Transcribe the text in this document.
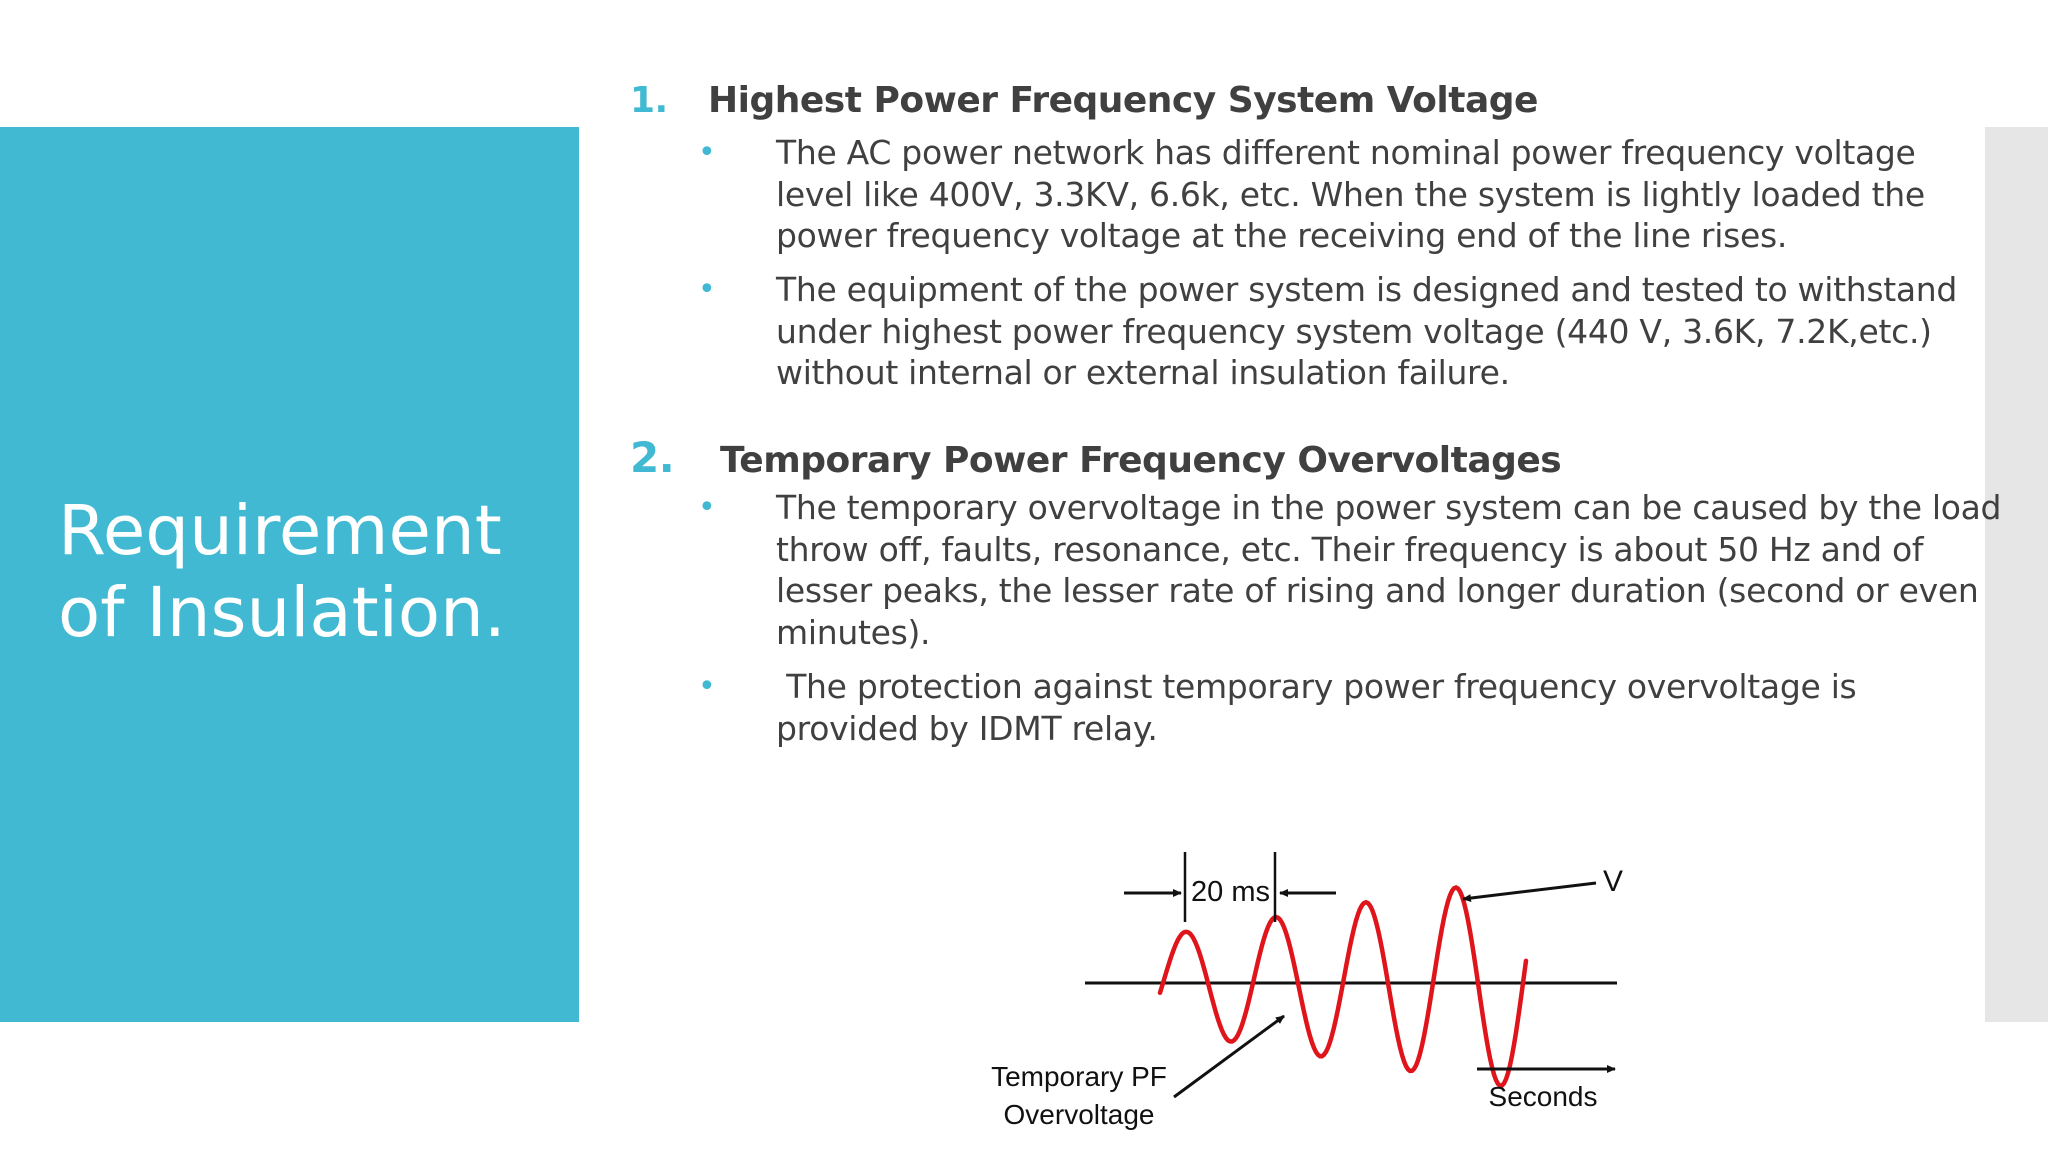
Requirement
of Insulation.
1.	Highest Power Frequency System Voltage
• The AC power network has different nominal power frequency voltage
level like 400V, 3.3KV, 6.6k, etc. When the system is lightly loaded the
power frequency voltage at the receiving end of the line rises.
• The equipment of the power system is designed and tested to withstand
under highest power frequency system voltage (440 V, 3.6K, 7.2K,etc.)
without internal or external insulation failure.
2.	Temporary Power Frequency Overvoltages
• The temporary overvoltage in the power system can be caused by the load
throw off, faults, resonance, etc. Their frequency is about 50 Hz and of
lesser peaks, the lesser rate of rising and longer duration (second or even
minutes).
• The protection against temporary power frequency overvoltage is
provided by IDMT relay.
20 ms	V
Temporary PF
Overvoltage
Seconds
